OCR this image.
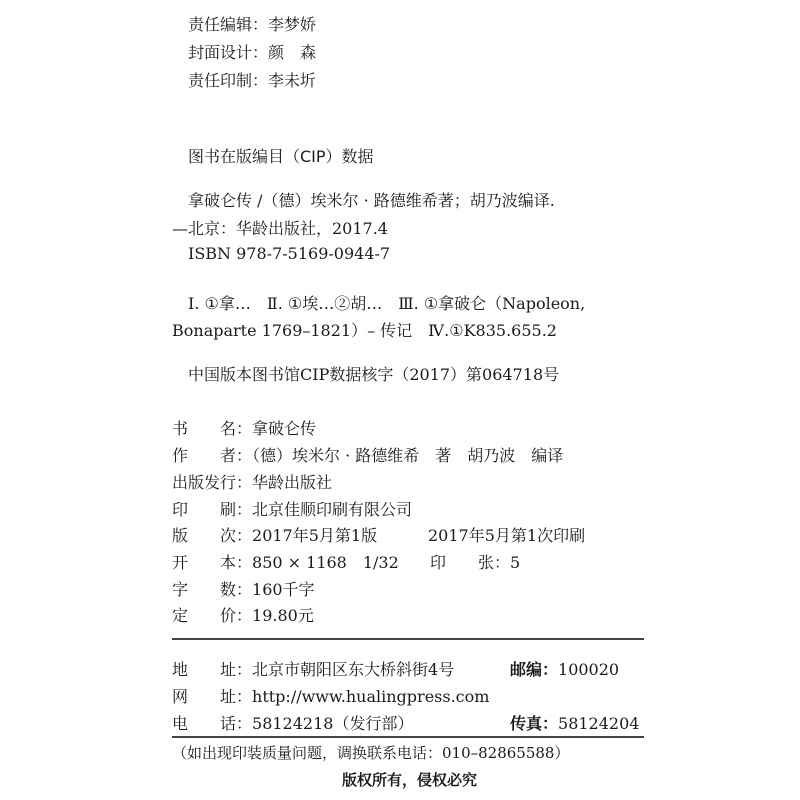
责任编辑：李梦娇
封面设计：颜　森
责任印制：李未圻
图书在版编目（CIP）数据
拿破仑传 /（德）埃米尔 · 路德维希著；胡乃波编译.
—北京：华龄出版社，2017.4
ISBN 978-7-5169-0944-7
Ⅰ. ①拿…　Ⅱ. ①埃…②胡…　Ⅲ. ①拿破仑（Napoleon,
Bonaparte 1769–1821）– 传记　Ⅳ.①K835.655.2
中国版本图书馆CIP数据核字（2017）第064718号
书　　名：拿破仑传
作　　者：（德）埃米尔 · 路德维希　著　胡乃波　编译
出版发行：华龄出版社
印　　刷：北京佳顺印刷有限公司
版　　次：2017年5月第1版	2017年5月第1次印刷
开　　本：850 × 1168　1/32 印　　张：5
字　　数：160千字
定　　价：19.80元
地　　址：北京市朝阳区东大桥斜街4号	邮编：100020
网　　址：http://www.hualingpress.com
电　　话：58124218（发行部）	传真：58124204
（如出现印装质量问题，调换联系电话：010–82865588）
版权所有，侵权必究
